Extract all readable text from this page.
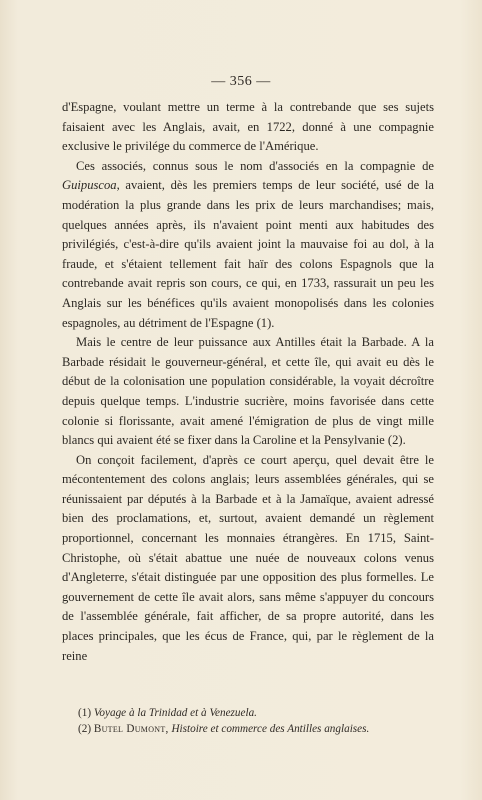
— 356 —

d'Espagne, voulant mettre un terme à la contrebande que ses sujets faisaient avec les Anglais, avait, en 1722, donné à une compagnie exclusive le privilége du commerce de l'Amérique.

Ces associés, connus sous le nom d'associés en la compagnie de Guipuscoa, avaient, dès les premiers temps de leur société, usé de la modération la plus grande dans les prix de leurs marchandises; mais, quelques années après, ils n'avaient point menti aux habitudes des privilégiés, c'est-à-dire qu'ils avaient joint la mauvaise foi au dol, à la fraude, et s'étaient tellement fait haïr des colons Espagnols que la contrebande avait repris son cours, ce qui, en 1733, rassurait un peu les Anglais sur les bénéfices qu'ils avaient monopolisés dans les colonies espagnoles, au détriment de l'Espagne (1).

Mais le centre de leur puissance aux Antilles était la Barbade. A la Barbade résidait le gouverneur-général, et cette île, qui avait eu dès le début de la colonisation une population considérable, la voyait décroître depuis quelque temps. L'industrie sucrière, moins favorisée dans cette colonie si florissante, avait amené l'émigration de plus de vingt mille blancs qui avaient été se fixer dans la Caroline et la Pensylvanie (2).

On conçoit facilement, d'après ce court aperçu, quel devait être le mécontentement des colons anglais; leurs assemblées générales, qui se réunissaient par députés à la Barbade et à la Jamaïque, avaient adressé bien des proclamations, et, surtout, avaient demandé un règlement proportionnel, concernant les monnaies étrangères. En 1715, Saint-Christophe, où s'était abattue une nuée de nouveaux colons venus d'Angleterre, s'était distinguée par une opposition des plus formelles. Le gouvernement de cette île avait alors, sans même s'appuyer du concours de l'assemblée générale, fait afficher, de sa propre autorité, dans les places principales, que les écus de France, qui, par le règlement de la reine

(1) Voyage à la Trinidad et à Venezuela.

(2) Butel Dumont, Histoire et commerce des Antilles anglaises.
